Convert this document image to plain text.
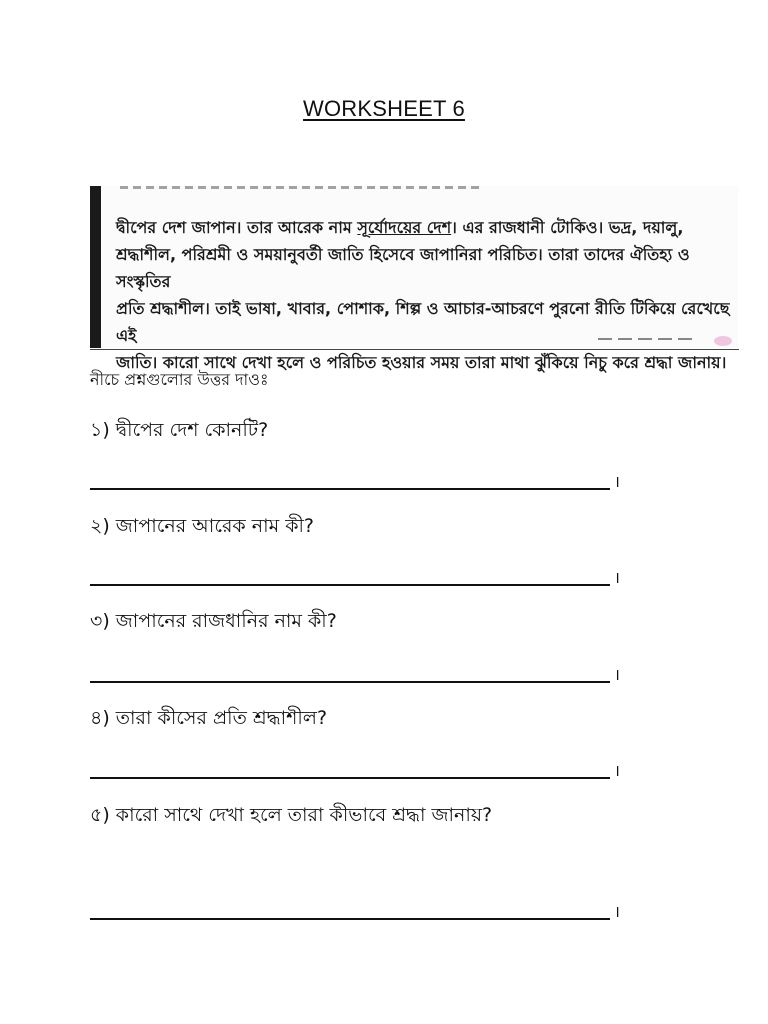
WORKSHEET 6
দ্বীপের দেশ জাপান। তার আরেক নাম সূর্যোদয়ের দেশ। এর রাজধানী টোকিও। ভদ্র, দয়ালু,
শ্রদ্ধাশীল, পরিশ্রমী ও সময়ানুবর্তী জাতি হিসেবে জাপানিরা পরিচিত। তারা তাদের ঐতিহ্য ও সংস্কৃতির
প্রতি শ্রদ্ধাশীল। তাই ভাষা, খাবার, পোশাক, শিল্প ও আচার-আচরণে পুরনো রীতি টিকিয়ে রেখেছে এই
জাতি। কারো সাথে দেখা হলে ও পরিচিত হওয়ার সময় তারা মাথা ঝুঁকিয়ে নিচু করে শ্রদ্ধা জানায়।
নীচে প্রশ্নগুলোর উত্তর দাওঃ
১) দ্বীপের দেশ কোনটি?
।
২) জাপানের আরেক নাম কী?
।
৩) জাপানের রাজধানির নাম কী?
।
৪) তারা কীসের প্রতি শ্রদ্ধাশীল?
।
৫) কারো সাথে দেখা হলে তারা কীভাবে শ্রদ্ধা জানায়?
।
